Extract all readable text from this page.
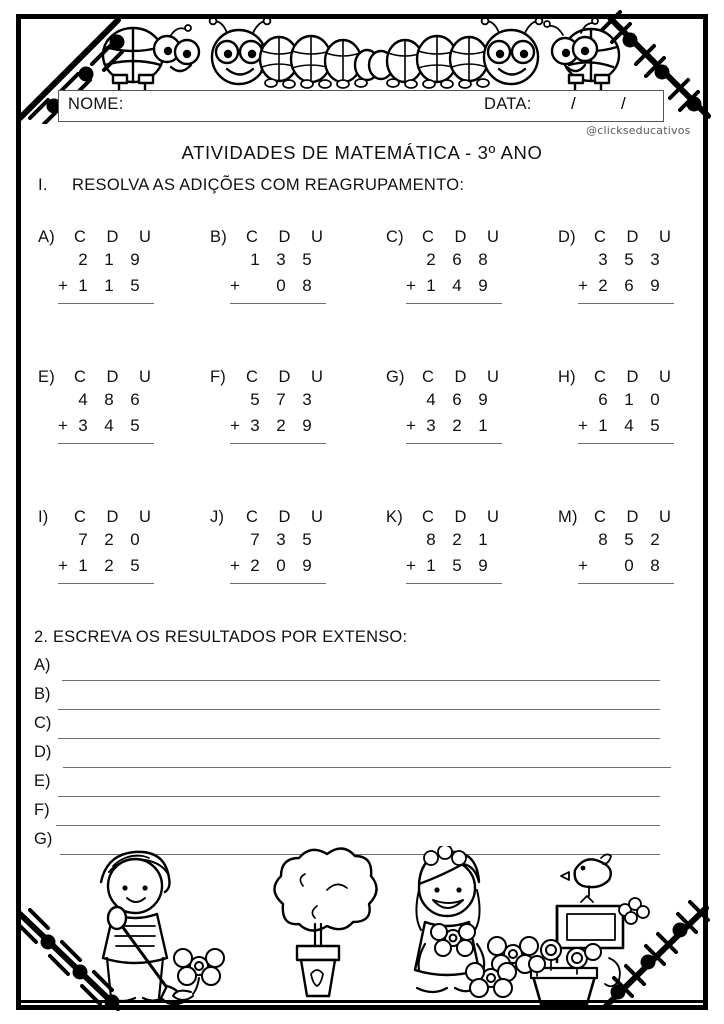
NOME:	DATA: /	/
@clickseducativos
ATIVIDADES DE MATEMÁTICA - 3º ANO
I. RESOLVA AS ADIÇÕES COM REAGRUPAMENTO:
A) C D U
2 1 9
+ 1 1 5
B) C D U
1 3 5
+ 0 8
C) C D U
2 6 8
+ 1 4 9
D) C D U
3 5 3
+ 2 6 9
E) C D U
4 8 6
+ 3 4 5
F) C D U
5 7 3
+ 3 2 9
G) C D U
4 6 9
+ 3 2 1
H) C D U
6 1 0
+ 1 4 5
I) C D U
7 2 0
+ 1 2 5
J) C D U
7 3 5
+ 2 0 9
K) C D U
8 2 1
+ 1 5 9
M) C D U
8 5 2
+ 0 8
2. ESCREVA OS RESULTADOS POR EXTENSO:
A)
B)
C)
D)
E)
F)
G)
